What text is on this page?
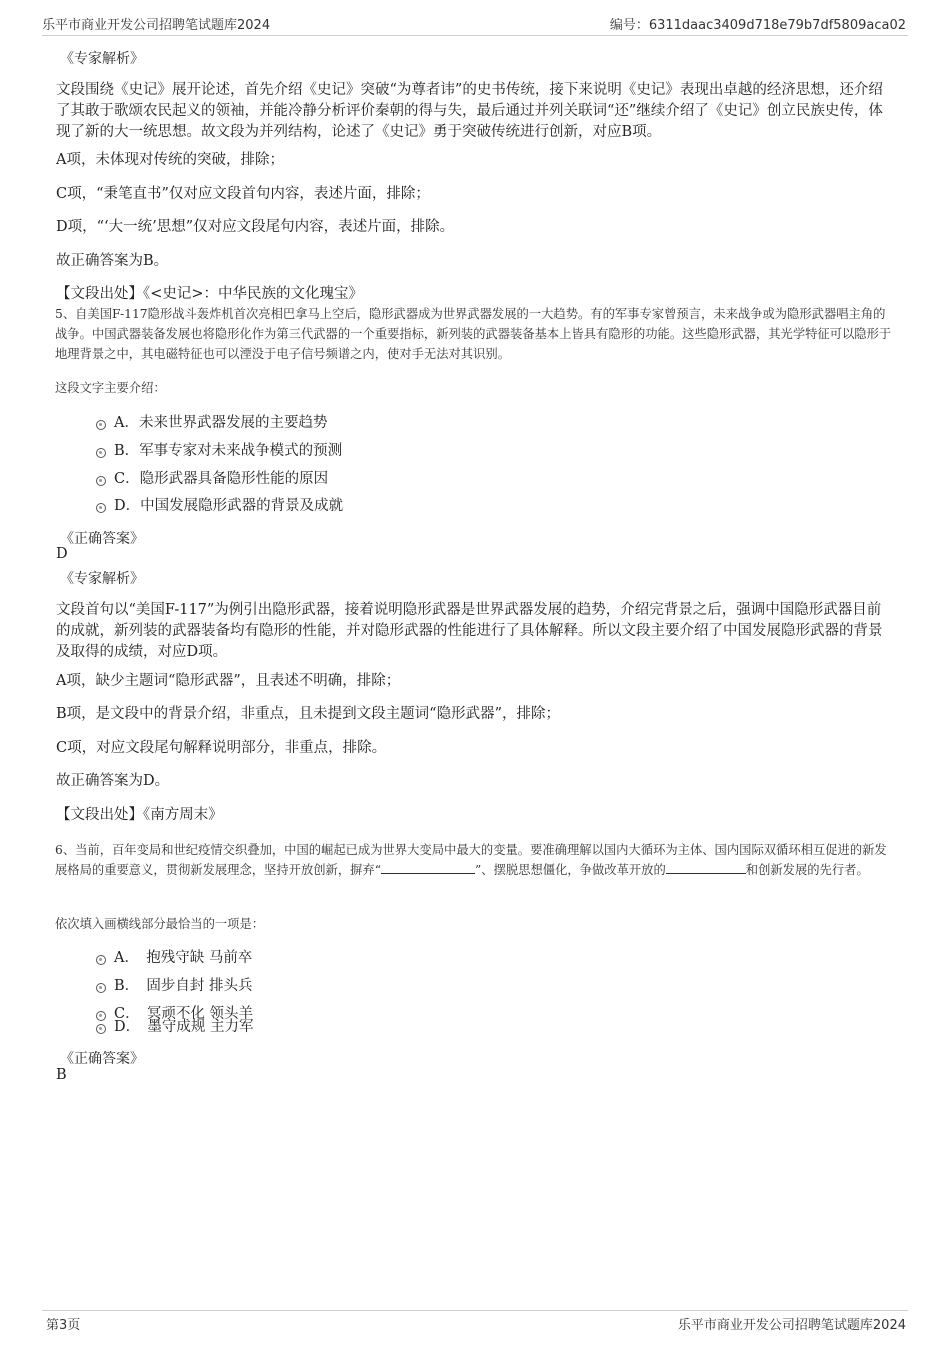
乐平市商业开发公司招聘笔试题库2024	编号：6311daac3409d718e79b7df5809aca02
《专家解析》
文段围绕《史记》展开论述，首先介绍《史记》突破“为尊者讳”的史书传统，接下来说明《史记》表现出卓越的经济思想，还介绍了其敢于歌颂农民起义的领袖，并能冷静分析评价秦朝的得与失，最后通过并列关联词“还”继续介绍了《史记》创立民族史传，体现了新的大一统思想。故文段为并列结构，论述了《史记》勇于突破传统进行创新，对应B项。
A项，未体现对传统的突破，排除；
C项，“秉笔直书”仅对应文段首句内容，表述片面，排除；
D项，“‘大一统’思想”仅对应文段尾句内容，表述片面，排除。
故正确答案为B。
【文段出处】《<史记>：中华民族的文化瑰宝》
5、自美国F-117隐形战斗轰炸机首次亮相巴拿马上空后，隐形武器成为世界武器发展的一大趋势。有的军事专家曾预言，未来战争或为隐形武器唱主角的战争。中国武器装备发展也将隐形化作为第三代武器的一个重要指标，新列装的武器装备基本上皆具有隐形的功能。这些隐形武器，其光学特征可以隐形于地理背景之中，其电磁特征也可以湮没于电子信号频谱之内，使对手无法对其识别。
这段文字主要介绍：
A．未来世界武器发展的主要趋势
B．军事专家对未来战争模式的预测
C．隐形武器具备隐形性能的原因
D．中国发展隐形武器的背景及成就
《正确答案》
D
《专家解析》
文段首句以“美国F-117”为例引出隐形武器，接着说明隐形武器是世界武器发展的趋势，介绍完背景之后，强调中国隐形武器目前的成就，新列装的武器装备均有隐形的性能，并对隐形武器的性能进行了具体解释。所以文段主要介绍了中国发展隐形武器的背景及取得的成绩，对应D项。
A项，缺少主题词“隐形武器”，且表述不明确，排除；
B项，是文段中的背景介绍，非重点，且未提到文段主题词“隐形武器”，排除；
C项，对应文段尾句解释说明部分，非重点，排除。
故正确答案为D。
【文段出处】《南方周末》
6、当前，百年变局和世纪疫情交织叠加，中国的崛起已成为世界大变局中最大的变量。要准确理解以国内大循环为主体、国内国际双循环相互促进的新发展格局的重要意义，贯彻新发展理念，坚持开放创新，摒弃“	”、摆脱思想僵化，争做改革开放的	和创新发展的先行者。
依次填入画横线部分最恰当的一项是：
A．　抱残守缺 马前卒
B．　固步自封 排头兵
C．　冥顽不化 领头羊
D．　墨守成规 主力军
《正确答案》
B
第3页	乐平市商业开发公司招聘笔试题库2024
